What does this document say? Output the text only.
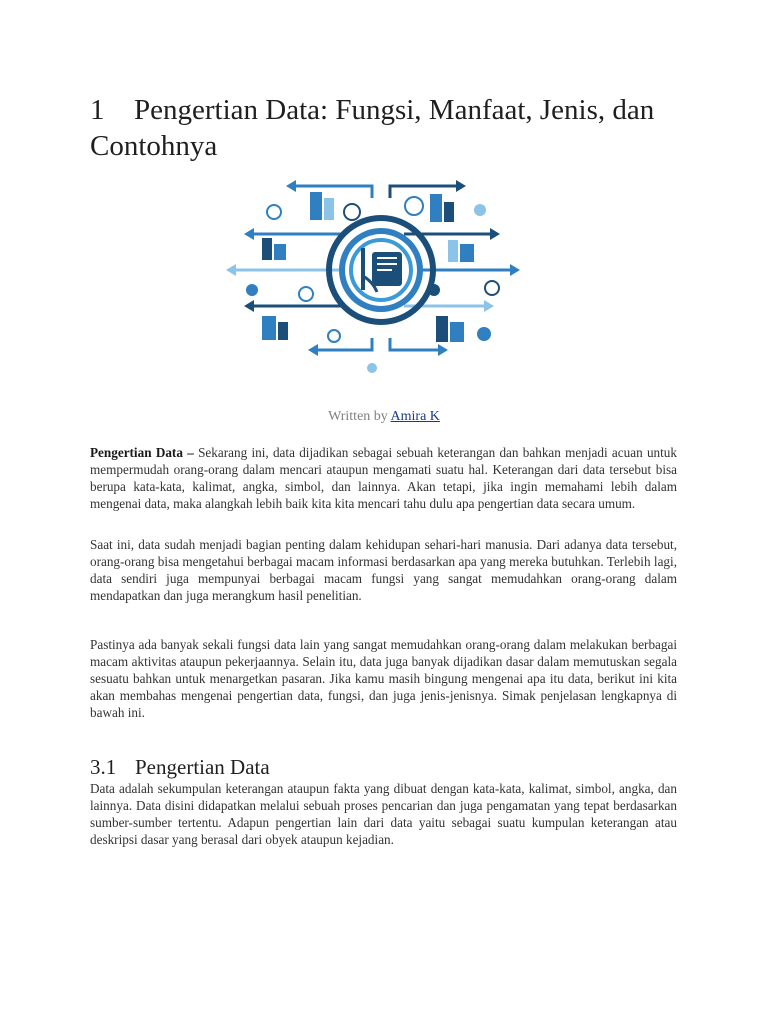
1 Pengertian Data: Fungsi, Manfaat, Jenis, dan Contohnya
Written by Amira K

Pengertian Data – Sekarang ini, data dijadikan sebagai sebuah keterangan dan bahkan menjadi acuan untuk mempermudah orang-orang dalam mencari ataupun mengamati suatu hal. Keterangan dari data tersebut bisa berupa kata-kata, kalimat, angka, simbol, dan lainnya. Akan tetapi, jika ingin memahami lebih dalam mengenai data, maka alangkah lebih baik kita kita mencari tahu dulu apa pengertian data secara umum.

Saat ini, data sudah menjadi bagian penting dalam kehidupan sehari-hari manusia. Dari adanya data tersebut, orang-orang bisa mengetahui berbagai macam informasi berdasarkan apa yang mereka butuhkan. Terlebih lagi, data sendiri juga mempunyai berbagai macam fungsi yang sangat memudahkan orang-orang dalam mendapatkan dan juga merangkum hasil penelitian.

Pastinya ada banyak sekali fungsi data lain yang sangat memudahkan orang-orang dalam melakukan berbagai macam aktivitas ataupun pekerjaannya. Selain itu, data juga banyak dijadikan dasar dalam memutuskan segala sesuatu bahkan untuk menargetkan pasaran. Jika kamu masih bingung mengenai apa itu data, berikut ini kita akan membahas mengenai pengertian data, fungsi, dan juga jenis-jenisnya. Simak penjelasan lengkapnya di bawah ini.

3.1 Pengertian Data

Data adalah sekumpulan keterangan ataupun fakta yang dibuat dengan kata-kata, kalimat, simbol, angka, dan lainnya. Data disini didapatkan melalui sebuah proses pencarian dan juga pengamatan yang tepat berdasarkan sumber-sumber tertentu. Adapun pengertian lain dari data yaitu sebagai suatu kumpulan keterangan atau deskripsi dasar yang berasal dari obyek ataupun kejadian.
